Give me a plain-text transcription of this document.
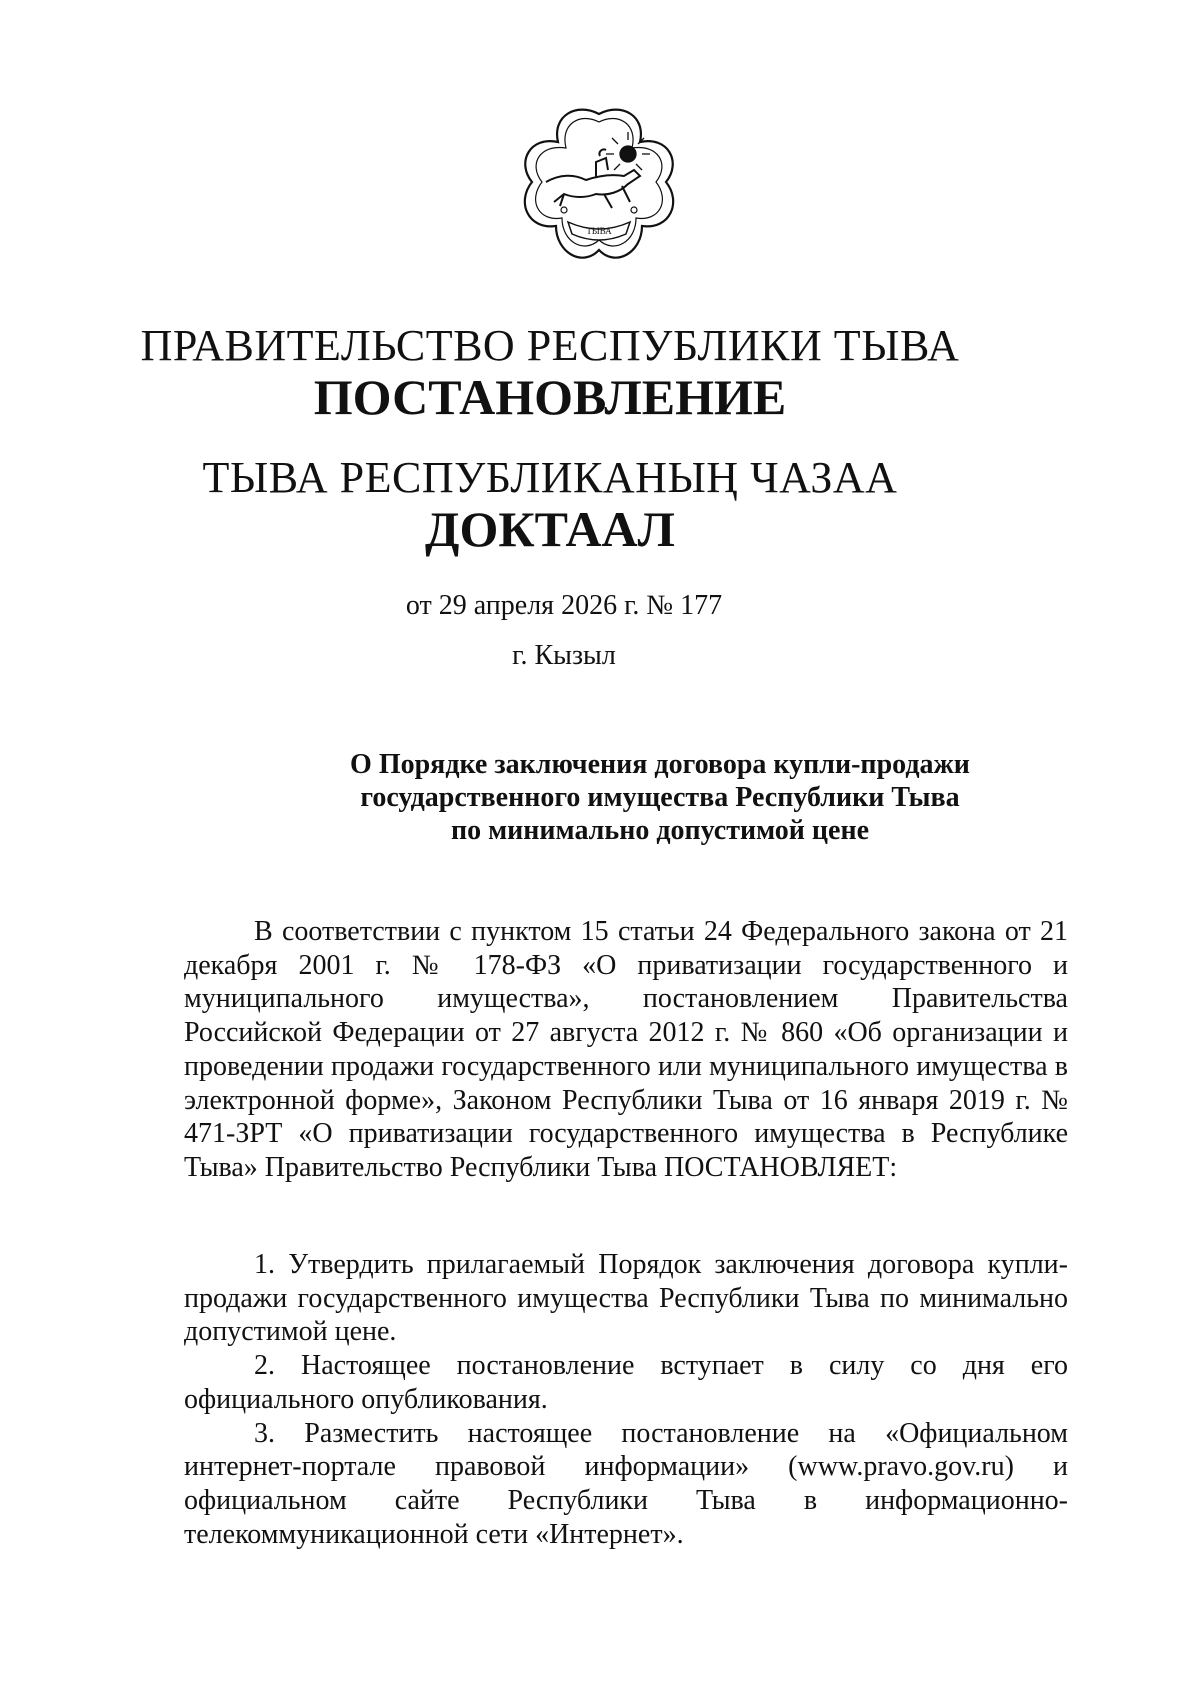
ТЫВА
ПРАВИТЕЛЬСТВО РЕСПУБЛИКИ ТЫВА
ПОСТАНОВЛЕНИЕ
ТЫВА РЕСПУБЛИКАНЫҢ ЧАЗАА
ДОКТААЛ
от 29 апреля 2026 г. № 177
г. Кызыл
О Порядке заключения договора купли-продажи
государственного имущества Республики Тыва
по минимально допустимой цене

В соответствии с пунктом 15 статьи 24 Федерального закона от 21 декабря 2001 г. № 178-ФЗ «О приватизации государственного и муниципального имущества», постановлением Правительства Российской Федерации от 27 августа 2012 г. № 860 «Об организации и проведении продажи государственного или муниципального имущества в электронной форме», Законом Республики Тыва от 16 января 2019 г. № 471-ЗРТ «О приватизации государственного имущества в Республике Тыва» Правительство Республики Тыва ПОСТАНОВЛЯЕТ:

1. Утвердить прилагаемый Порядок заключения договора купли-продажи государственного имущества Республики Тыва по минимально допустимой цене.

2. Настоящее постановление вступает в силу со дня его официального опубликования.

3. Разместить настоящее постановление на «Официальном интернет-портале правовой информации» (www.pravo.gov.ru) и официальном сайте Республики Тыва в информационно-телекоммуникационной сети «Интернет».
